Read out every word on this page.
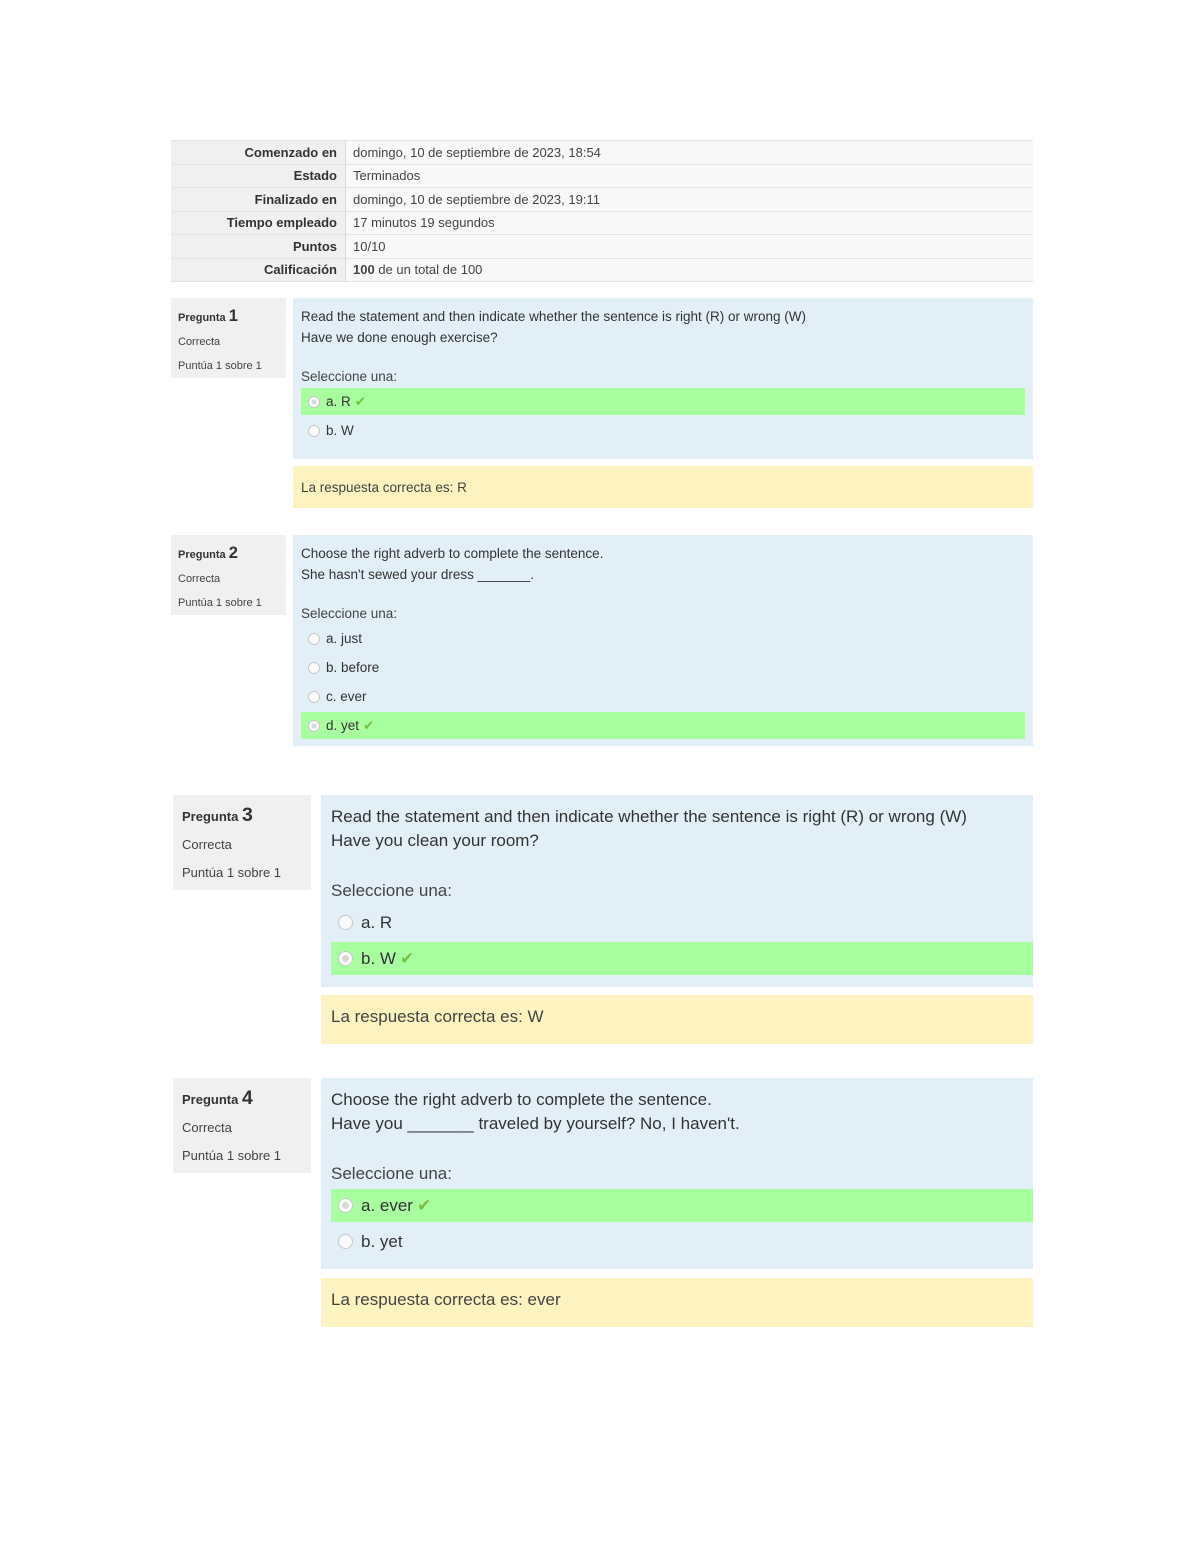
Comenzado en	domingo, 10 de septiembre de 2023, 18:54
Estado	Terminados
Finalizado en	domingo, 10 de septiembre de 2023, 19:11
Tiempo empleado	17 minutos 19 segundos
Puntos	10/10
Calificación	100 de un total de 100
Pregunta 1
Correcta
Puntúa 1 sobre 1
Read the statement and then indicate whether the sentence is right (R) or wrong (W)
Have we done enough exercise?
Seleccione una:
a. R ✔
b. W
La respuesta correcta es: R
Pregunta 2
Correcta
Puntúa 1 sobre 1
Choose the right adverb to complete the sentence.
She hasn't sewed your dress _______.
Seleccione una:
a. just
b. before
c. ever
d. yet ✔
Pregunta 3
Correcta
Puntúa 1 sobre 1
Read the statement and then indicate whether the sentence is right (R) or wrong (W)
Have you clean your room?
Seleccione una:
a. R
b. W ✔
La respuesta correcta es: W
Pregunta 4
Correcta
Puntúa 1 sobre 1
Choose the right adverb to complete the sentence.
Have you _______ traveled by yourself? No, I haven't.
Seleccione una:
a. ever ✔
b. yet
La respuesta correcta es: ever
